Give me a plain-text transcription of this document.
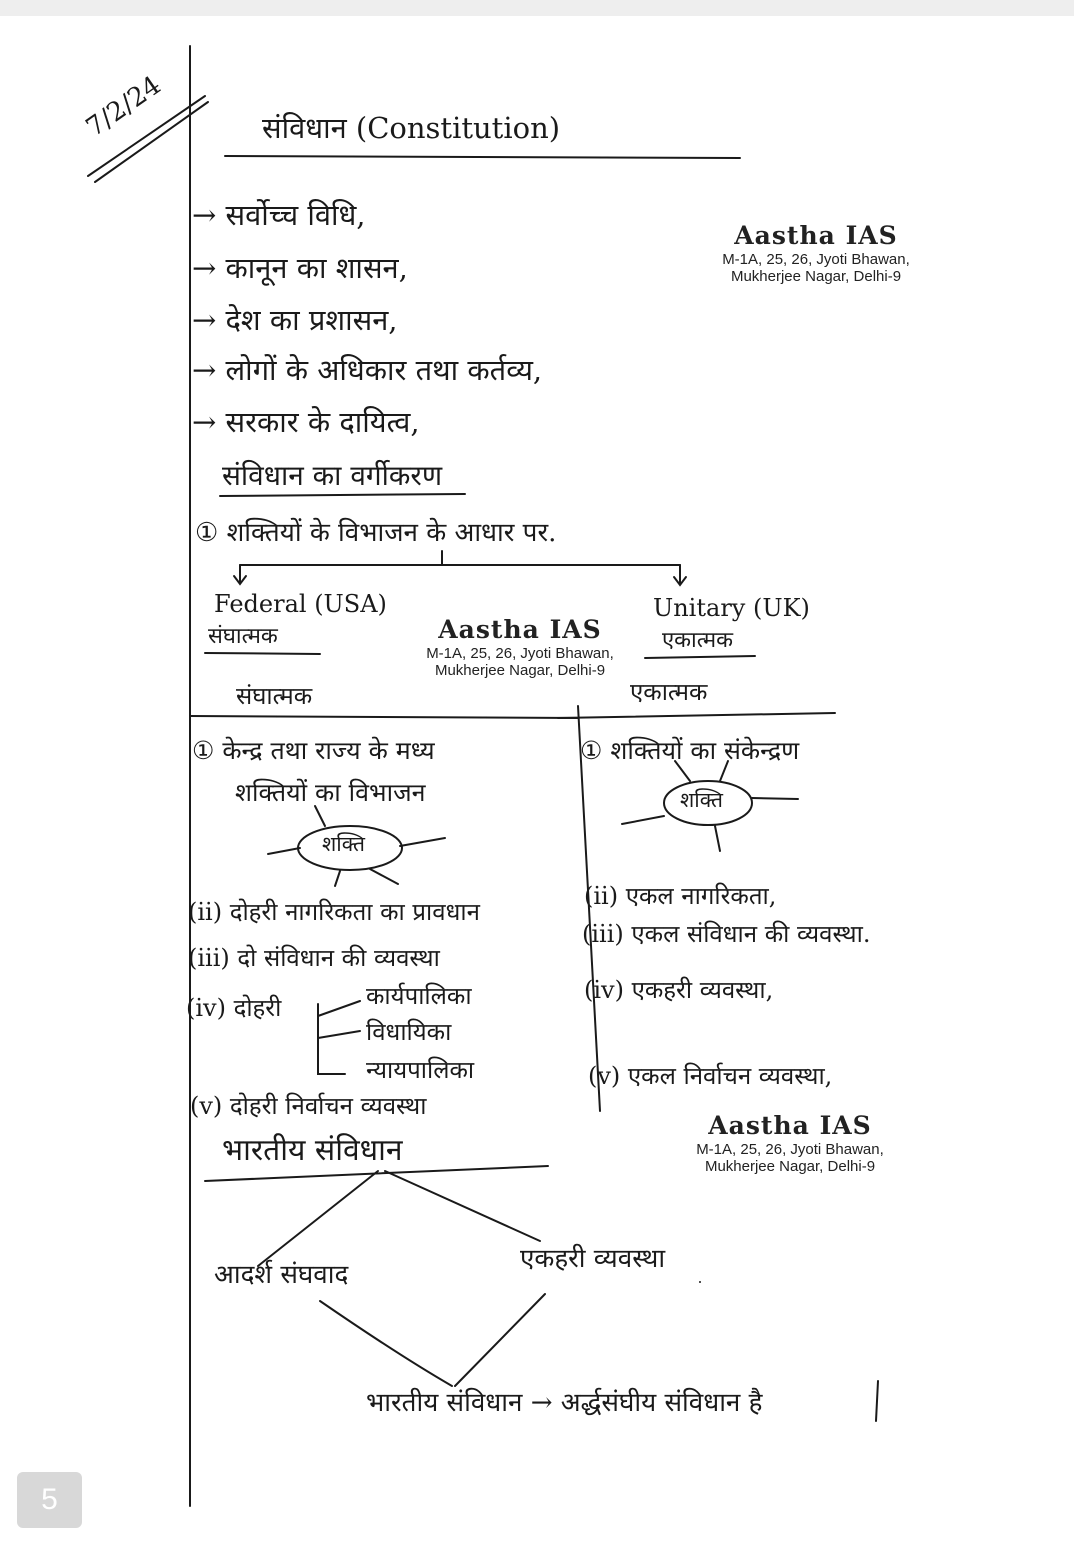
7/2/24	संविधान (Constitution)
→ सर्वोच्च विधि,
→ कानून का शासन,
→ देश का प्रशासन,
→ लोगों के अधिकार तथा कर्तव्य,
→ सरकार के दायित्व,
संविधान का वर्गीकरण
① शक्तियों के विभाजन के आधार पर.
Federal (USA)
संघात्मक
Unitary (UK)
एकात्मक
संघात्मक	एकात्मक
① केन्द्र तथा राज्य के मध्य
शक्तियों का विभाजन
शक्ति
① शक्तियों का संकेन्द्रण
शक्ति
(ii) दोहरी नागरिकता का प्रावधान
(iii) दो संविधान की व्यवस्था
(iv) दोहरी	कार्यपालिका
विधायिका
न्यायपालिका
(v) दोहरी निर्वाचन व्यवस्था
(ii) एकल नागरिकता,
(iii) एकल संविधान की व्यवस्था.
(iv) एकहरी व्यवस्था,
(v) एकल निर्वाचन व्यवस्था,
भारतीय संविधान
आदर्श संघवाद
एकहरी व्यवस्था
भारतीय संविधान → अर्द्धसंघीय संविधान है
Aastha IAS
M-1A, 25, 26, Jyoti Bhawan,
Mukherjee Nagar, Delhi-9
Aastha IAS
M-1A, 25, 26, Jyoti Bhawan,
Mukherjee Nagar, Delhi-9
Aastha IAS
M-1A, 25, 26, Jyoti Bhawan,
Mukherjee Nagar, Delhi-9
5
